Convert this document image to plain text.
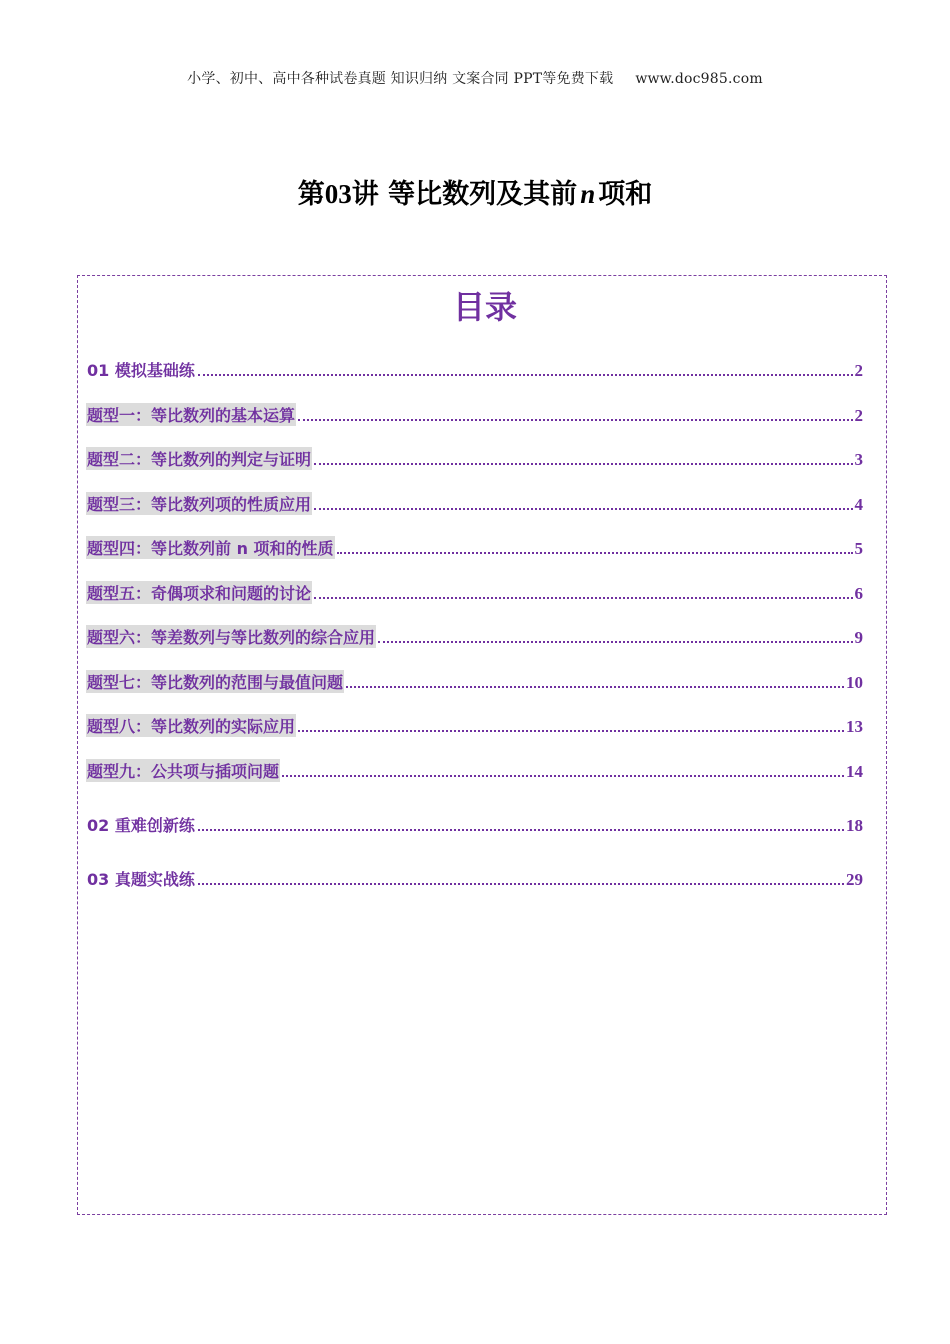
小学、初中、高中各种试卷真题 知识归纳 文案合同 PPT等免费下载 www.doc985.com
第03讲 等比数列及其前 n 项和
目录
01 模拟基础练	2
题型一：等比数列的基本运算	2
题型二：等比数列的判定与证明	3
题型三：等比数列项的性质应用	4
题型四：等比数列前 n 项和的性质	5
题型五：奇偶项求和问题的讨论	6
题型六：等差数列与等比数列的综合应用	9
题型七：等比数列的范围与最值问题	10
题型八：等比数列的实际应用	13
题型九：公共项与插项问题	14
02 重难创新练	18
03 真题实战练	29
